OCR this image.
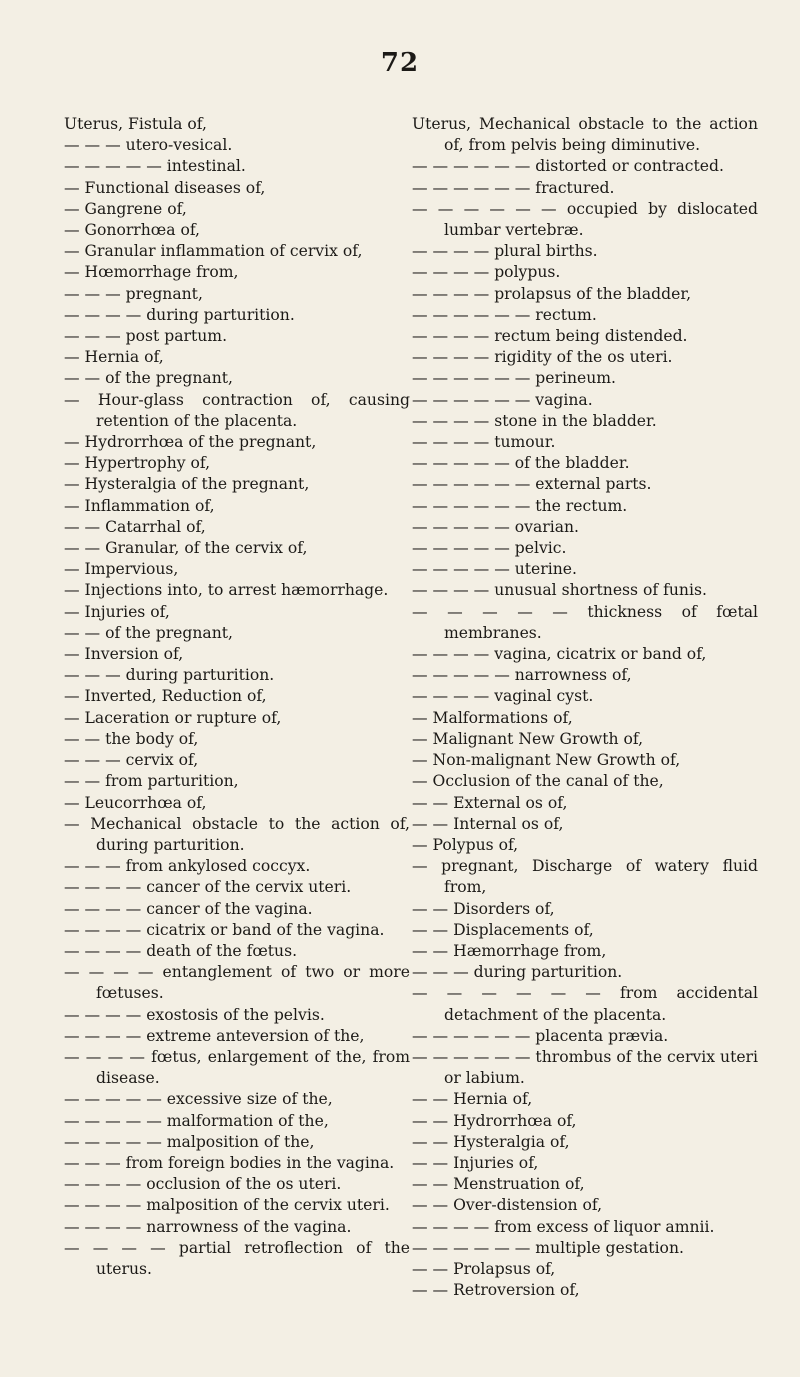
72
Uterus, Fistula of,
— — — utero-vesical.
— — — — — intestinal.
— Functional diseases of,
— Gangrene of,
— Gonorrhœa of,
— Granular inflammation of cervix of,
— Hœmorrhage from,
— — — pregnant,
— — — — during parturition.
— — — post partum.
— Hernia of,
— — of the pregnant,
— Hour-glass contraction of, causing retention of the placenta.
— Hydrorrhœa of the pregnant,
— Hypertrophy of,
— Hysteralgia of the pregnant,
— Inflammation of,
— — Catarrhal of,
— — Granular, of the cervix of,
— Impervious,
— Injections into, to arrest hæmorrhage.
— Injuries of,
— — of the pregnant,
— Inversion of,
— — — during parturition.
— Inverted, Reduction of,
— Laceration or rupture of,
— — the body of,
— — — cervix of,
— — from parturition,
— Leucorrhœa of,
— Mechanical obstacle to the action of, during parturition.
— — — from ankylosed coccyx.
— — — — cancer of the cervix uteri.
— — — — cancer of the vagina.
— — — — cicatrix or band of the vagina.
— — — — death of the fœtus.
— — — — entanglement of two or more fœtuses.
— — — — exostosis of the pelvis.
— — — — extreme anteversion of the,
— — — — fœtus, enlargement of the, from disease.
— — — — — excessive size of the,
— — — — — malformation of the,
— — — — — malposition of the,
— — — from foreign bodies in the vagina.
— — — — occlusion of the os uteri.
— — — — malposition of the cervix uteri.
— — — — narrowness of the vagina.
— — — — partial retroflection of the uterus.
Uterus, Mechanical obstacle to the action of, from pelvis being diminutive.
— — — — — — distorted or contracted.
— — — — — — fractured.
— — — — — — occupied by dislocated lumbar vertebræ.
— — — — plural births.
— — — — polypus.
— — — — prolapsus of the bladder,
— — — — — — rectum.
— — — — rectum being distended.
— — — — rigidity of the os uteri.
— — — — — — perineum.
— — — — — — vagina.
— — — — stone in the bladder.
— — — — tumour.
— — — — — of the bladder.
— — — — — — external parts.
— — — — — — the rectum.
— — — — — ovarian.
— — — — — pelvic.
— — — — — uterine.
— — — — unusual shortness of funis.
— — — — — thickness of fœtal membranes.
— — — — vagina, cicatrix or band of,
— — — — — narrowness of,
— — — — vaginal cyst.
— Malformations of,
— Malignant New Growth of,
— Non-malignant New Growth of,
— Occlusion of the canal of the,
— — External os of,
— — Internal os of,
— Polypus of,
— pregnant, Discharge of watery fluid from,
— — Disorders of,
— — Displacements of,
— — Hæmorrhage from,
— — — during parturition.
— — — — — — from accidental detachment of the placenta.
— — — — — — placenta prævia.
— — — — — — thrombus of the cervix uteri or labium.
— — Hernia of,
— — Hydrorrhœa of,
— — Hysteralgia of,
— — Injuries of,
— — Menstruation of,
— — Over-distension of,
— — — — from excess of liquor amnii.
— — — — — — multiple gestation.
— — Prolapsus of,
— — Retroversion of,
